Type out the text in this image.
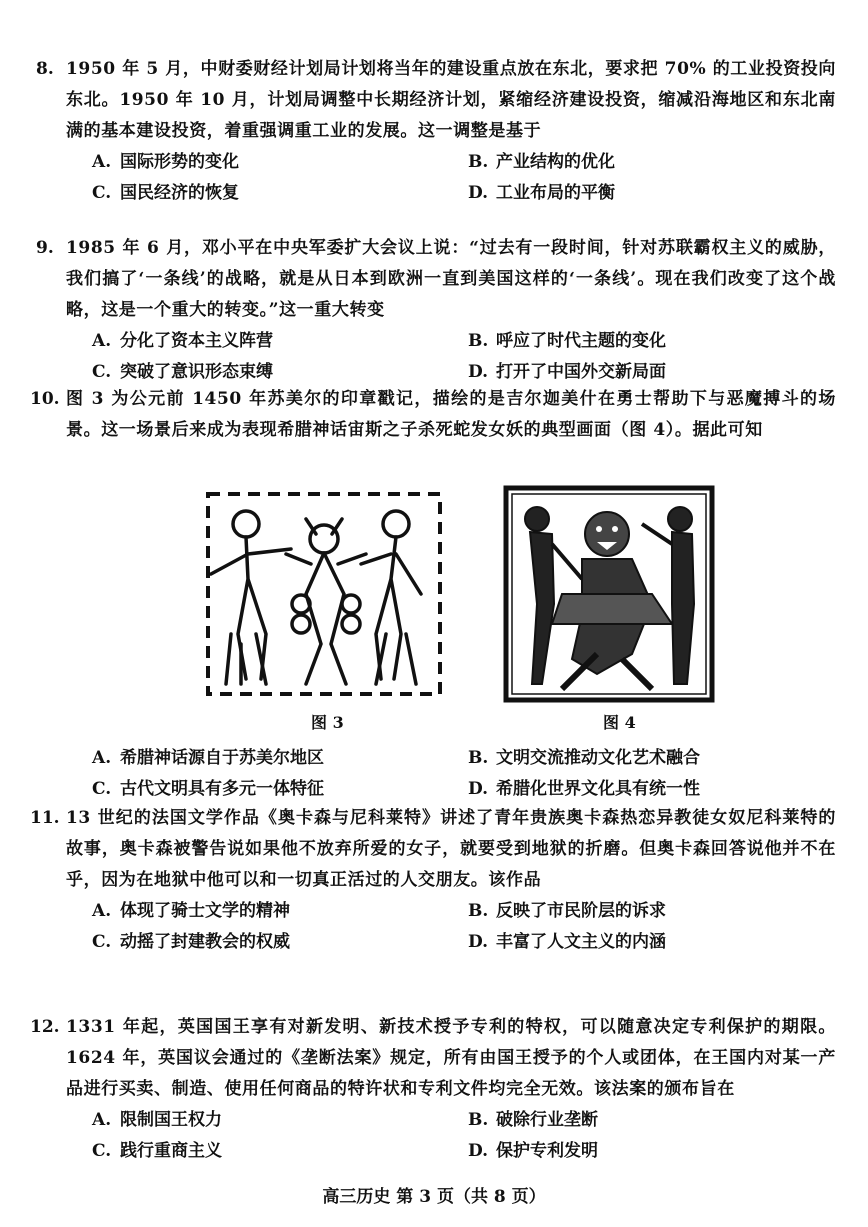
8. 1950 年 5 月，中财委财经计划局计划将当年的建设重点放在东北，要求把 70% 的工业投资投向东北。1950 年 10 月，计划局调整中长期经济计划，紧缩经济建设投资，缩减沿海地区和东北南满的基本建设投资，着重强调重工业的发展。这一调整是基于
A. 国际形势的变化	B. 产业结构的优化
C. 国民经济的恢复	D. 工业布局的平衡
9. 1985 年 6 月，邓小平在中央军委扩大会议上说：“过去有一段时间，针对苏联霸权主义的威胁，我们搞了‘一条线’的战略，就是从日本到欧洲一直到美国这样的‘一条线’。现在我们改变了这个战略，这是一个重大的转变。”这一重大转变
A. 分化了资本主义阵营	B. 呼应了时代主题的变化
C. 突破了意识形态束缚	D. 打开了中国外交新局面
10. 图 3 为公元前 1450 年苏美尔的印章戳记，描绘的是吉尔迦美什在勇士帮助下与恶魔搏斗的场景。这一场景后来成为表现希腊神话宙斯之子杀死蛇发女妖的典型画面（图 4）。据此可知
图 3	图 4
A. 希腊神话源自于苏美尔地区	B. 文明交流推动文化艺术融合
C. 古代文明具有多元一体特征	D. 希腊化世界文化具有统一性
11. 13 世纪的法国文学作品《奥卡森与尼科莱特》讲述了青年贵族奥卡森热恋异教徒女奴尼科莱特的故事，奥卡森被警告说如果他不放弃所爱的女子，就要受到地狱的折磨。但奥卡森回答说他并不在乎，因为在地狱中他可以和一切真正活过的人交朋友。该作品
A. 体现了骑士文学的精神	B. 反映了市民阶层的诉求
C. 动摇了封建教会的权威	D. 丰富了人文主义的内涵
12. 1331 年起，英国国王享有对新发明、新技术授予专利的特权，可以随意决定专利保护的期限。1624 年，英国议会通过的《垄断法案》规定，所有由国王授予的个人或团体，在王国内对某一产品进行买卖、制造、使用任何商品的特许状和专利文件均完全无效。该法案的颁布旨在
A. 限制国王权力	B. 破除行业垄断
C. 践行重商主义	D. 保护专利发明
高三历史 第 3 页（共 8 页）
